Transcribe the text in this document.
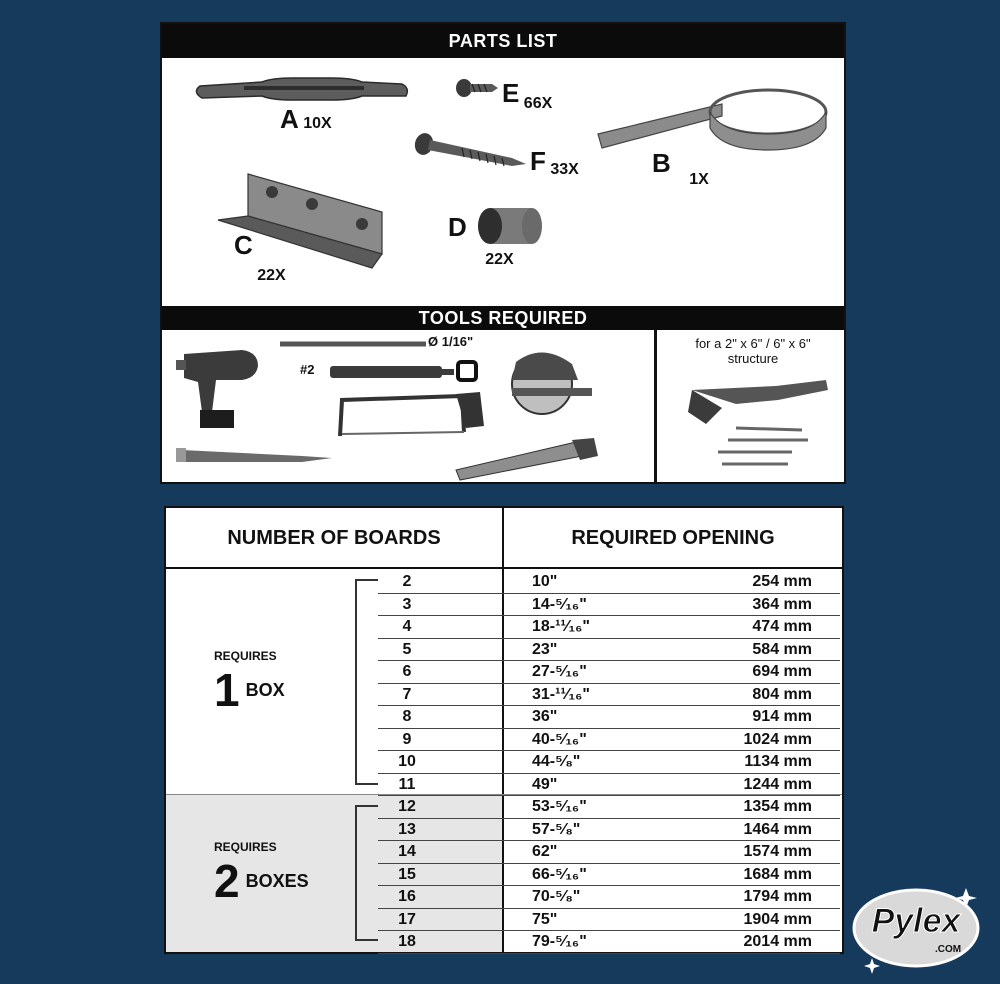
PARTS LIST
A 10X
B 1X
C 22X
D 22X
E 66X
F 33X
TOOLS REQUIRED
Ø 1/16"
#2
for a 2" x 6" / 6" x 6"
structure
NUMBER OF BOARDS	REQUIRED OPENING
REQUIRES
1 BOX
REQUIRES
2 BOXES
2	10"	254 mm
3	14-⁵⁄₁₆"	364 mm
4	18-¹¹⁄₁₆"	474 mm
5	23"	584 mm
6	27-⁵⁄₁₆"	694 mm
7	31-¹¹⁄₁₆"	804 mm
8	36"	914 mm
9	40-⁵⁄₁₆"	1024 mm
10	44-⁵⁄₈"	1134 mm
11	49"	1244 mm
12	53-⁵⁄₁₆"	1354 mm
13	57-⁵⁄₈"	1464 mm
14	62"	1574 mm
15	66-⁵⁄₁₆"	1684 mm
16	70-⁵⁄₈"	1794 mm
17	75"	1904 mm
18	79-⁵⁄₁₆"	2014 mm
Pylex
.COM
